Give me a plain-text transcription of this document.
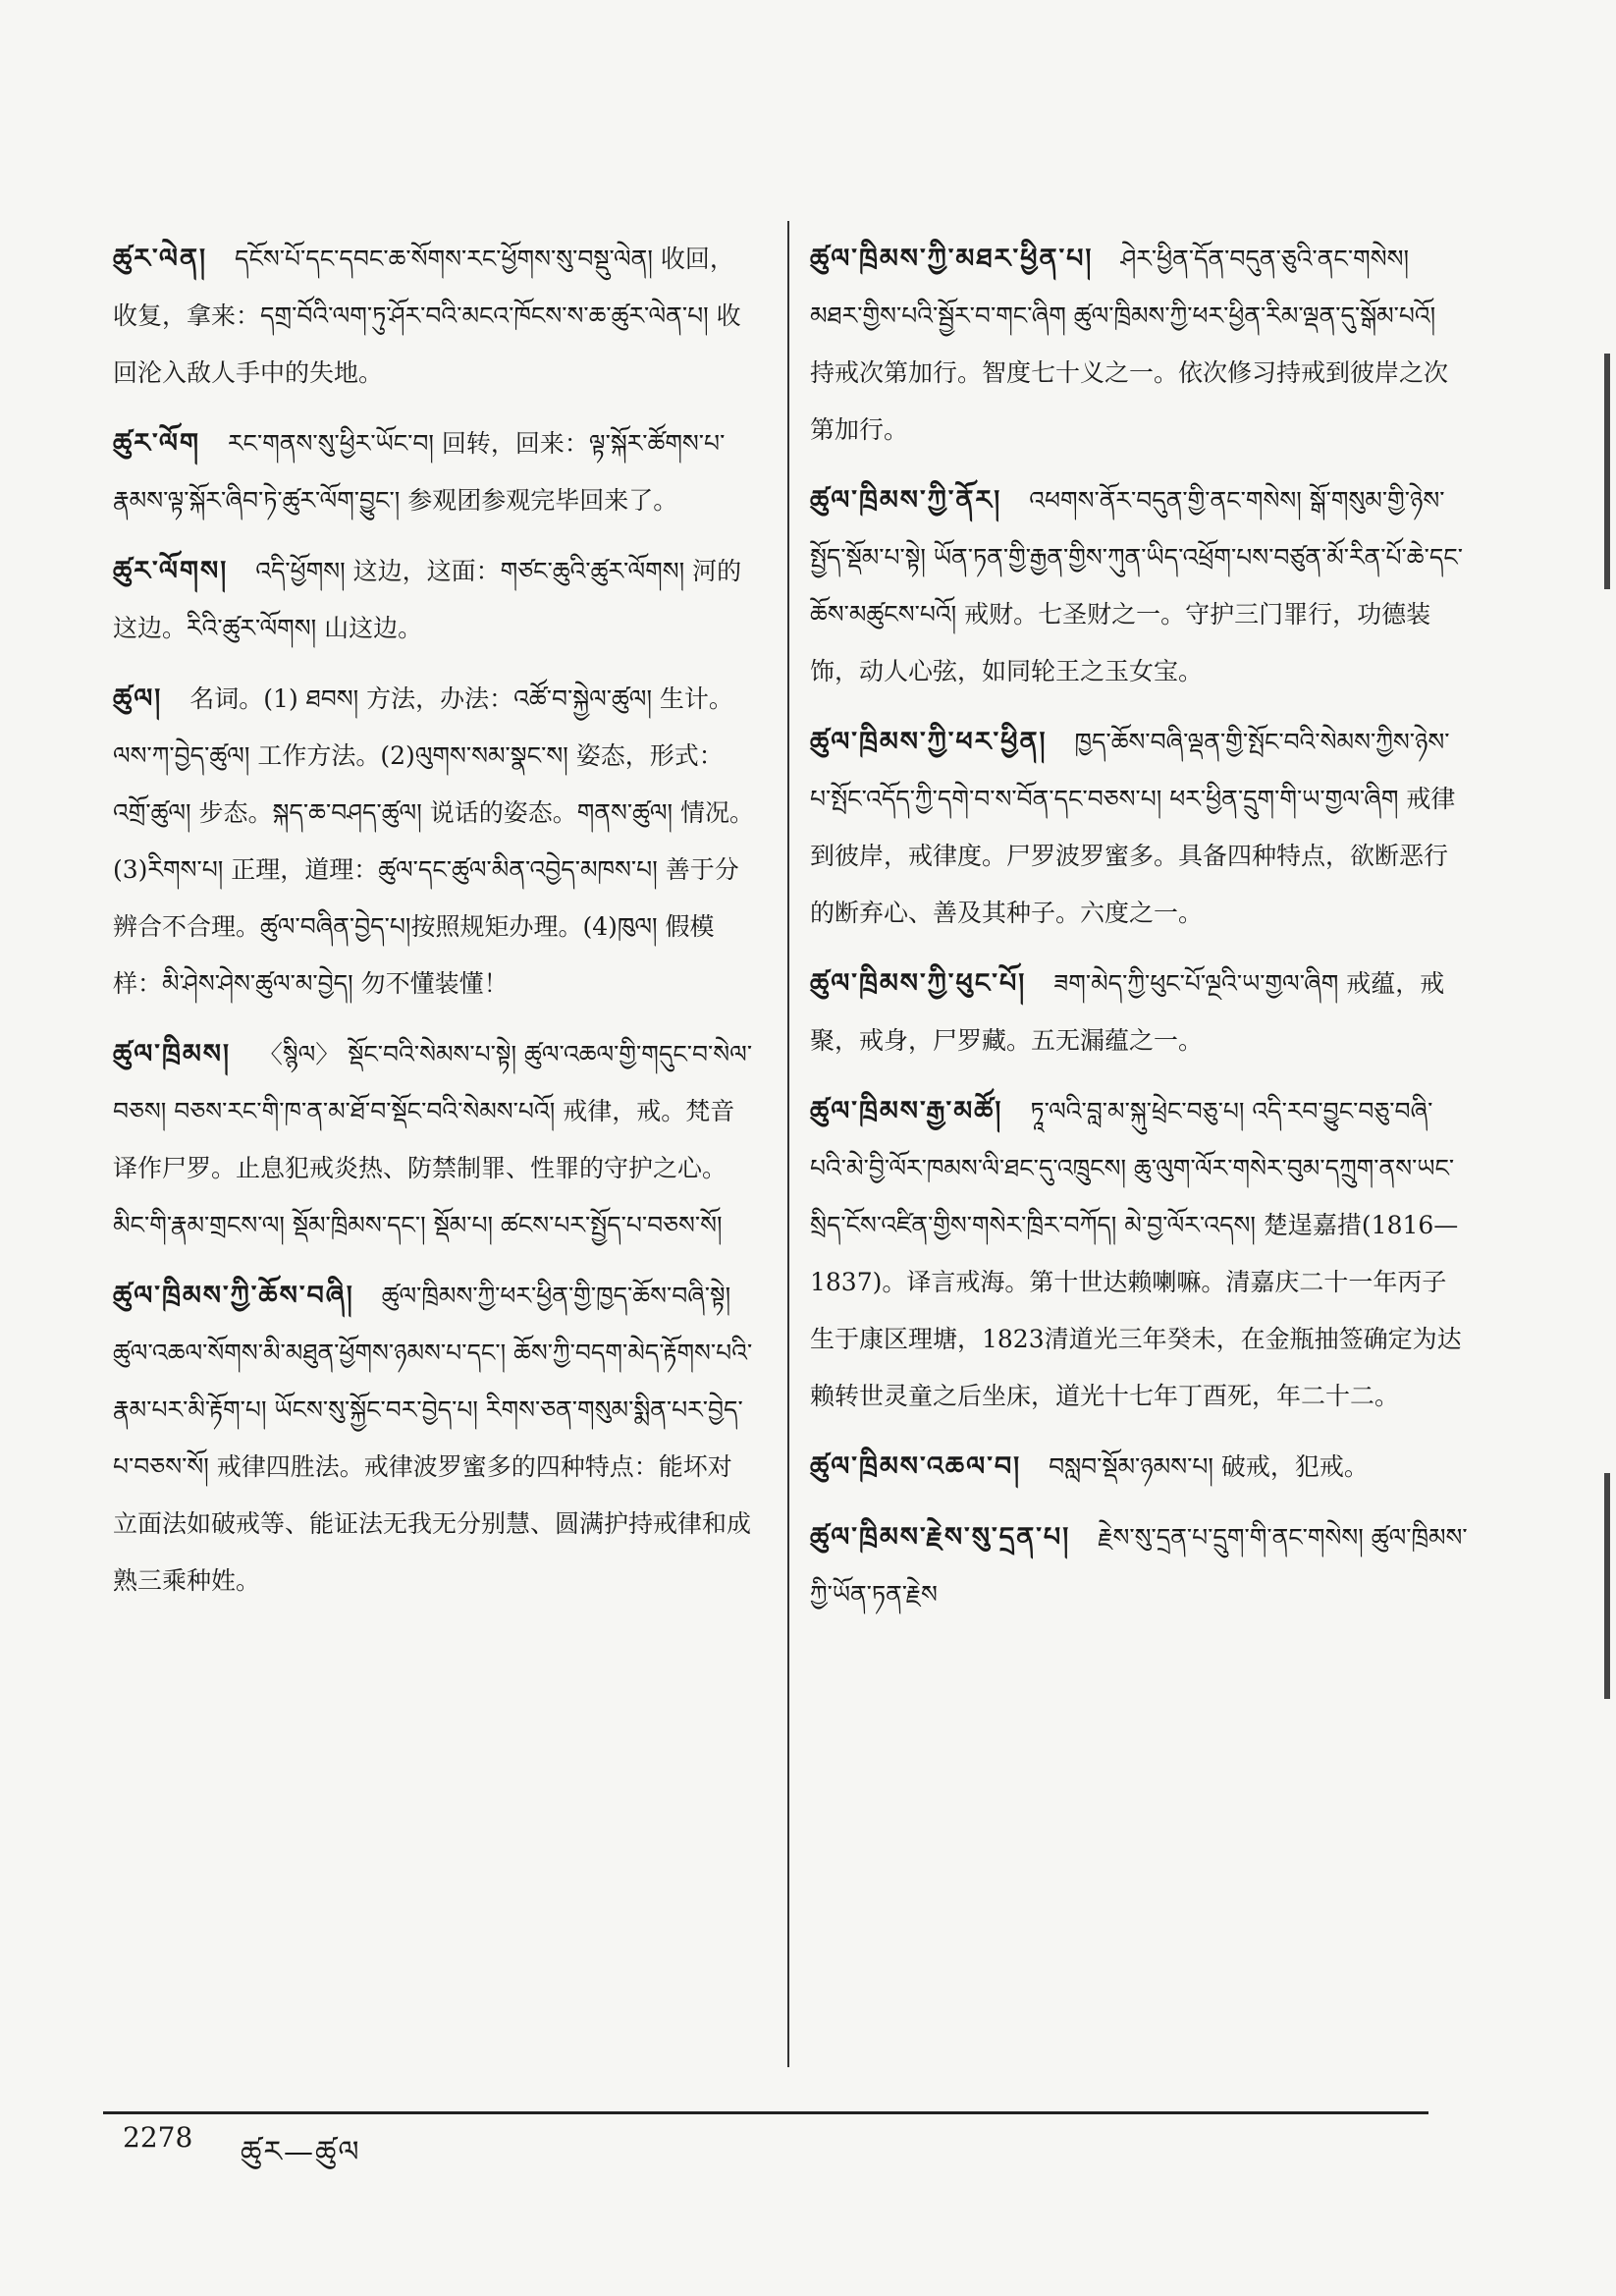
ཚུར་ལེན། དངོས་པོ་དང་དབང་ཆ་སོགས་རང་ཕྱོགས་སུ་བསྡུ་ལེན། 收回，收复，拿来：དགྲ་བོའི་ལག་ཏུ་ཤོར་བའི་མངའ་ཁོངས་ས་ཆ་ཚུར་ལེན་པ། 收回沦入敌人手中的失地。
ཚུར་ལོག རང་གནས་སུ་ཕྱིར་ཡོང་བ། 回转，回来：ལྟ་སྐོར་ཚོགས་པ་རྣམས་ལྟ་སྐོར་ཞིབ་ཏེ་ཚུར་ལོག་བྱུང་། 参观团参观完毕回来了。
ཚུར་ལོགས། འདི་ཕྱོགས། 这边，这面：གཙང་ཆུའི་ཚུར་ལོགས། 河的这边。རིའི་ཚུར་ལོགས། 山这边。
ཚུལ། 名词。(1) ཐབས། 方法，办法：འཚོ་བ་སྐྱེལ་ཚུལ། 生计。ལས་ཀ་བྱེད་ཚུལ། 工作方法。(2)ལུགས་སམ་སྣང་ས། 姿态，形式：འགྲོ་ཚུལ། 步态。སྐད་ཆ་བཤད་ཚུལ། 说话的姿态。གནས་ཚུལ། 情况。(3)རིགས་པ། 正理，道理：ཚུལ་དང་ཚུལ་མིན་འབྱེད་མཁས་པ། 善于分辨合不合理。ཚུལ་བཞིན་བྱེད་པ།按照规矩办理。(4)ཁུལ། 假模样：མི་ཤེས་ཤེས་ཚུལ་མ་བྱེད། 勿不懂装懂！
ཚུལ་ཁྲིམས། 〈སྙིལ〉 སྡོང་བའི་སེམས་པ་སྟེ། ཚུལ་འཆལ་གྱི་གདུང་བ་སེལ་བཅས། བཅས་རང་གི་ཁ་ན་མ་ཐོ་བ་སྡོང་བའི་སེམས་པའོ། 戒律，戒。梵音译作尸罗。止息犯戒炎热、防禁制罪、性罪的守护之心。མིང་གི་རྣམ་གྲངས་ལ། སྡོམ་ཁྲིམས་དང་། སྡོམ་པ། ཚངས་པར་སྤྱོད་པ་བཅས་སོ།
ཚུལ་ཁྲིམས་ཀྱི་ཆོས་བཞི། ཚུལ་ཁྲིམས་ཀྱི་ཕར་ཕྱིན་གྱི་ཁྱད་ཆོས་བཞི་སྟེ། ཚུལ་འཆལ་སོགས་མི་མཐུན་ཕྱོགས་ཉམས་པ་དང་། ཆོས་ཀྱི་བདག་མེད་རྟོགས་པའི་རྣམ་པར་མི་རྟོག་པ། ཡོངས་སུ་སྐྱོང་བར་བྱེད་པ། རིགས་ཅན་གསུམ་སྨིན་པར་བྱེད་པ་བཅས་སོ། 戒律四胜法。戒律波罗蜜多的四种特点：能坏对立面法如破戒等、能证法无我无分别慧、圆满护持戒律和成熟三乘种姓。
ཚུལ་ཁྲིམས་ཀྱི་མཐར་ཕྱིན་པ། ཤེར་ཕྱིན་དོན་བདུན་ཅུའི་ནང་གསེས། མཐར་གྱིས་པའི་སྦྱོར་བ་གང་ཞིག ཚུལ་ཁྲིམས་ཀྱི་ཕར་ཕྱིན་རིམ་ལྡན་དུ་སྒོམ་པའོ། 持戒次第加行。智度七十义之一。依次修习持戒到彼岸之次第加行。
ཚུལ་ཁྲིམས་ཀྱི་ནོར། འཕགས་ནོར་བདུན་གྱི་ནང་གསེས། སྒོ་གསུམ་གྱི་ཉེས་སྤྱོད་སྡོམ་པ་སྟེ། ཡོན་ཏན་གྱི་རྒྱན་གྱིས་ཀུན་ཡིད་འཕྲོག་པས་བཙུན་མོ་རིན་པོ་ཆེ་དང་ཆོས་མཚུངས་པའོ། 戒财。七圣财之一。守护三门罪行，功德装饰，动人心弦，如同轮王之玉女宝。
ཚུལ་ཁྲིམས་ཀྱི་ཕར་ཕྱིན། ཁྱད་ཆོས་བཞི་ལྡན་གྱི་སྤོང་བའི་སེམས་ཀྱིས་ཉེས་པ་སྤོང་འདོད་ཀྱི་དགེ་བ་ས་བོན་དང་བཅས་པ། ཕར་ཕྱིན་དྲུག་གི་ཡ་གྱལ་ཞིག 戒律到彼岸，戒律度。尸罗波罗蜜多。具备四种特点，欲断恶行的断弃心、善及其种子。六度之一。
ཚུལ་ཁྲིམས་ཀྱི་ཕུང་པོ། ཟག་མེད་ཀྱི་ཕུང་པོ་ལྔའི་ཡ་གྱལ་ཞིག 戒蕴，戒聚，戒身，尸罗藏。五无漏蕴之一。
ཚུལ་ཁྲིམས་རྒྱ་མཚོ། ཏཱ་ལའི་བླ་མ་སྐུ་ཕྲེང་བཅུ་པ། འདི་རབ་བྱུང་བཅུ་བཞི་པའི་མེ་བྱི་ལོར་ཁམས་ལི་ཐང་དུ་འཁྲུངས། ཆུ་ལུག་ལོར་གསེར་བུམ་དཀྲུག་ནས་ཡང་སྲིད་ངོས་འཛིན་གྱིས་གསེར་ཁྲིར་བཀོད། མེ་བྱ་ལོར་འདས། 楚逞嘉措(1816—1837)。译言戒海。第十世达赖喇嘛。清嘉庆二十一年丙子生于康区理塘，1823清道光三年癸未，在金瓶抽签确定为达赖转世灵童之后坐床，道光十七年丁酉死，年二十二。
ཚུལ་ཁྲིམས་འཆལ་བ། བསླབ་སྡོམ་ཉམས་པ། 破戒，犯戒。
ཚུལ་ཁྲིམས་རྗེས་སུ་དྲན་པ། རྗེས་སུ་དྲན་པ་དྲུག་གི་ནང་གསེས། ཚུལ་ཁྲིམས་ཀྱི་ཡོན་ཏན་རྗེས
2278 ཚུར—ཚུལ
